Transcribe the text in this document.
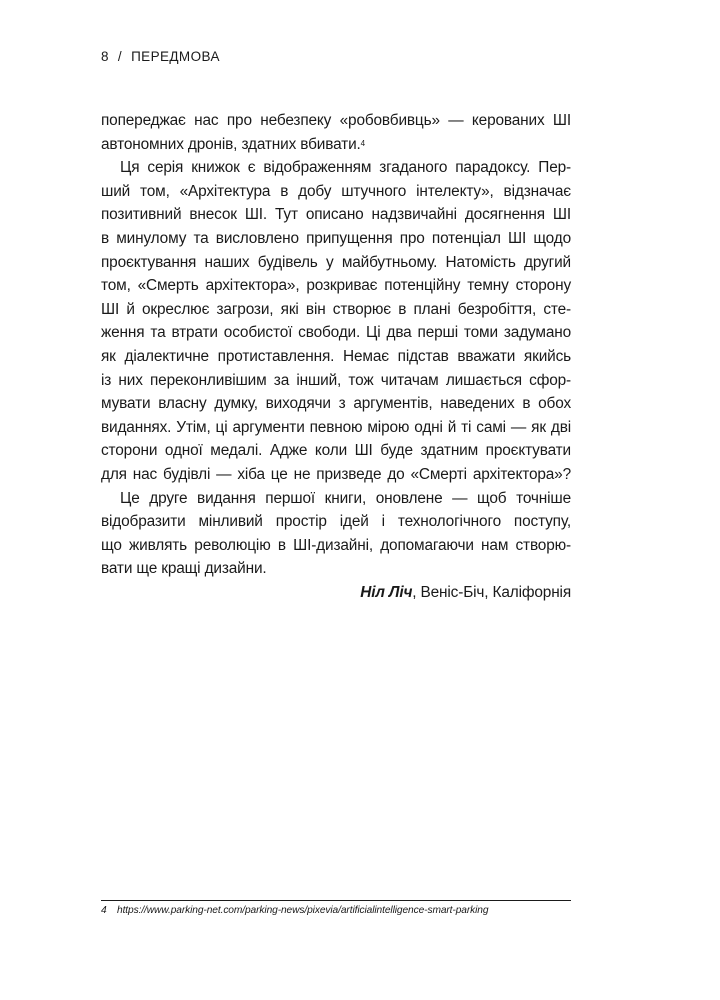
8 / ПЕРЕДМОВА
попереджає нас про небезпеку «робовбивць» — керованих ШІ
автономних дронів, здатних вбивати.$^4$
Ця серія книжок є відображенням згаданого парадоксу. Пер-
ший том, «Архітектура в добу штучного інтелекту», відзначає
позитивний внесок ШІ. Тут описано надзвичайні досягнення ШІ
в минулому та висловлено припущення про потенціал ШІ щодо
проєктування наших будівель у майбутньому. Натомість другий
том, «Смерть архітектора», розкриває потенційну темну сторону
ШІ й окреслює загрози, які він створює в плані безробіття, сте-
ження та втрати особистої свободи. Ці два перші томи задумано
як діалектичне протиставлення. Немає підстав вважати якийсь
із них переконливішим за інший, тож читачам лишається сфор-
мувати власну думку, виходячи з аргументів, наведених в обох
виданнях. Утім, ці аргументи певною мірою одні й ті самі — як дві
сторони одної медалі. Адже коли ШІ буде здатним проєктувати
для нас будівлі — хіба це не призведе до «Смерті архітектора»?
Це друге видання першої книги, оновлене — щоб точніше
відобразити мінливий простір ідей і технологічного поступу,
що живлять революцію в ШІ-дизайні, допомагаючи нам створю-
вати ще кращі дизайни.
Ніл Ліч, Веніс-Біч, Каліфорнія
4 https://www.parking-net.com/parking-news/pixevia/artificialintelligence-smart-parking
